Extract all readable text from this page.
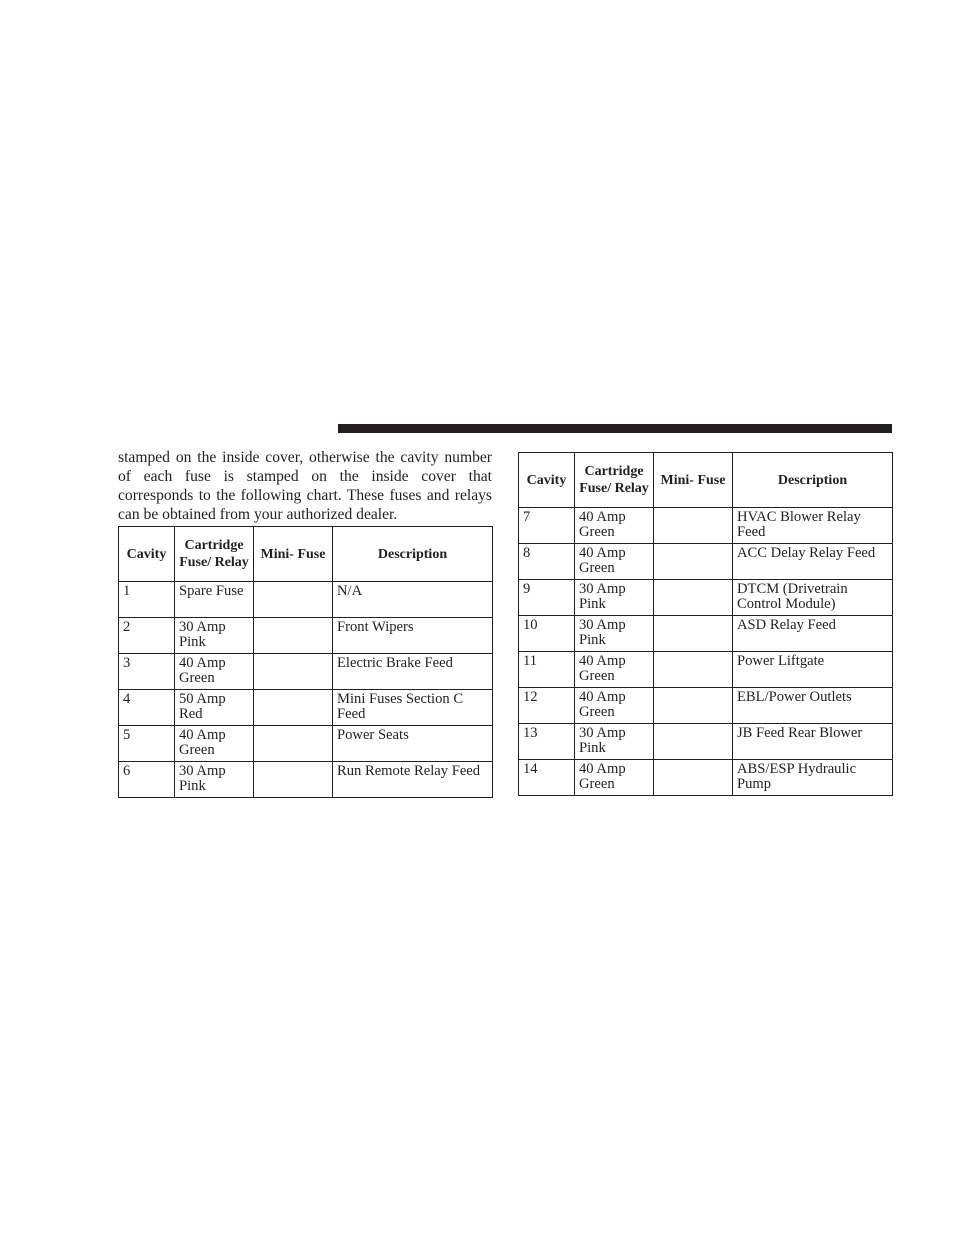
stamped on the inside cover, otherwise the cavity number of each fuse is stamped on the inside cover that corresponds to the following chart. These fuses and relays can be obtained from your authorized dealer.

Cavity	Cartridge Fuse/ Relay	Mini- Fuse	Description
1	Spare Fuse		N/A
2	30 Amp Pink		Front Wipers
3	40 Amp Green		Electric Brake Feed
4	50 Amp Red		Mini Fuses Section C Feed
5	40 Amp Green		Power Seats
6	30 Amp Pink		Run Remote Relay Feed
Cavity	Cartridge Fuse/ Relay	Mini- Fuse	Description
7	40 Amp Green		HVAC Blower Relay Feed
8	40 Amp Green		ACC Delay Relay Feed
9	30 Amp Pink		DTCM (Drivetrain Control Module)
10	30 Amp Pink		ASD Relay Feed
11	40 Amp Green		Power Liftgate
12	40 Amp Green		EBL/Power Outlets
13	30 Amp Pink		JB Feed Rear Blower
14	40 Amp Green		ABS/ESP Hydraulic Pump
